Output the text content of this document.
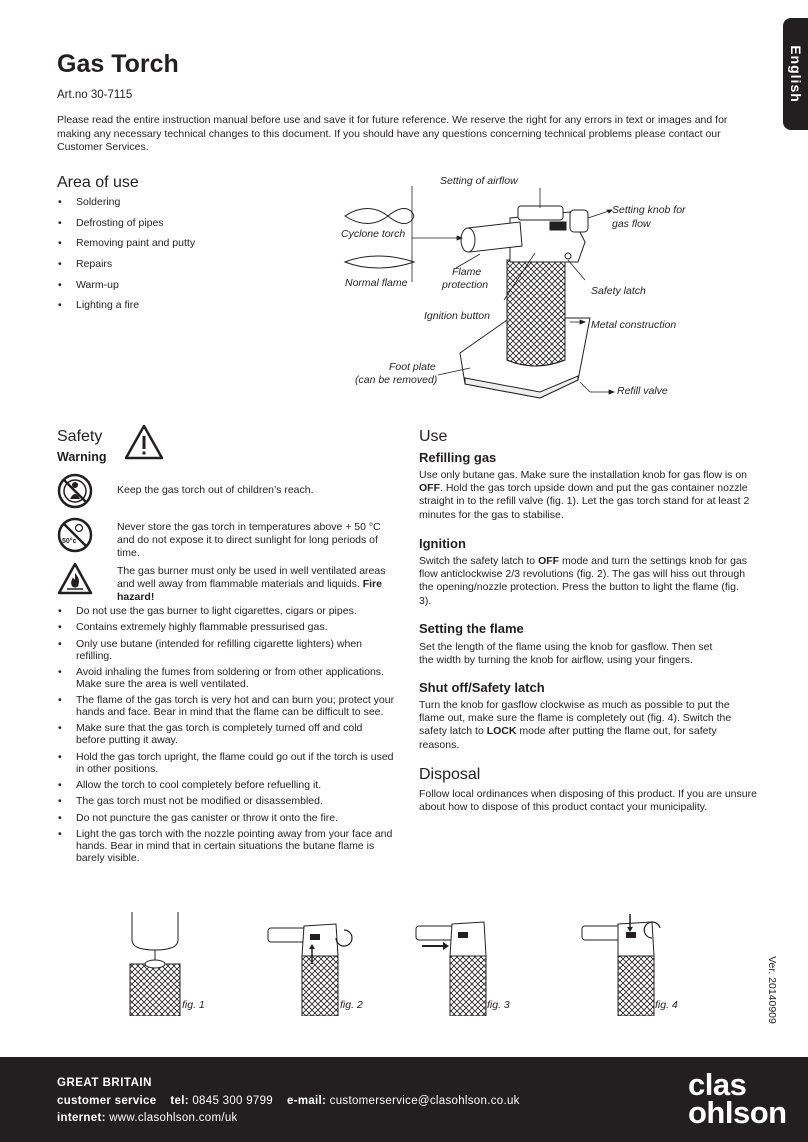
English
Gas Torch
Art.no 30-7115
Please read the entire instruction manual before use and save it for future reference. We reserve the right for any errors in text or images and for making any necessary technical changes to this document. If you should have any questions concerning technical problems please contact our Customer Services.
Area of use
• Soldering
• Defrosting of pipes
• Removing paint and putty
• Repairs
• Warm-up
• Lighting a fire
Setting of airflow
Setting knob for
gas flow
Cyclone torch
Normal flame
Flame
protection	Safety latch
Ignition button
Metal construction
Foot plate
(can be removed)
Refill valve
Safety
Warning
Keep the gas torch out of children’s reach.
50°c
Never store the gas torch in temperatures above + 50 °C and do not expose it to direct sunlight for long periods of time.
The gas burner must only be used in well ventilated areas and well away from flammable materials and liquids. Fire hazard!
• Do not use the gas burner to light cigarettes, cigars or pipes.
• Contains extremely highly flammable pressurised gas.
• Only use butane (intended for refilling cigarette lighters) when refilling.
• Avoid inhaling the fumes from soldering or from other applications. Make sure the area is well ventilated.
• The flame of the gas torch is very hot and can burn you; protect your hands and face. Bear in mind that the flame can be difficult to see.
• Make sure that the gas torch is completely turned off and cold before putting it away.
• Hold the gas torch upright, the flame could go out if the torch is used in other positions.
• Allow the torch to cool completely before refuelling it.
• The gas torch must not be modified or disassembled.
• Do not puncture the gas canister or throw it onto the fire.
• Light the gas torch with the nozzle pointing away from your face and hands. Bear in mind that in certain situations the butane flame is barely visible.
Use
Refilling gas
Use only butane gas. Make sure the installation knob for gas flow is on OFF. Hold the gas torch upside down and put the gas container nozzle straight in to the refill valve (fig. 1). Let the gas torch stand for at least 2 minutes for the gas to stabilise.
Ignition
Switch the safety latch to OFF mode and turn the settings knob for gas flow anticlockwise 2/3 revolutions (fig. 2). The gas will hiss out through the opening/nozzle protection. Press the button to light the flame (fig. 3).
Setting the flame
Set the length of the flame using the knob for gasflow. Then set the width by turning the knob for airflow, using your fingers.
Shut off/Safety latch
Turn the knob for gasflow clockwise as much as possible to put the flame out, make sure the flame is completely out (fig. 4). Switch the safety latch to LOCK mode after putting the flame out, for safety reasons.
Disposal
Follow local ordinances when disposing of this product. If you are unsure about how to dispose of this product contact your municipality.
fig. 1	fig. 2	fig. 3	fig. 4	Ver. 20140909
GREAT BRITAIN
customer service tel: 0845 300 9799 e-mail: customerservice@clasohlson.co.uk
internet: www.clasohlson.com/uk
clas
ohlson
